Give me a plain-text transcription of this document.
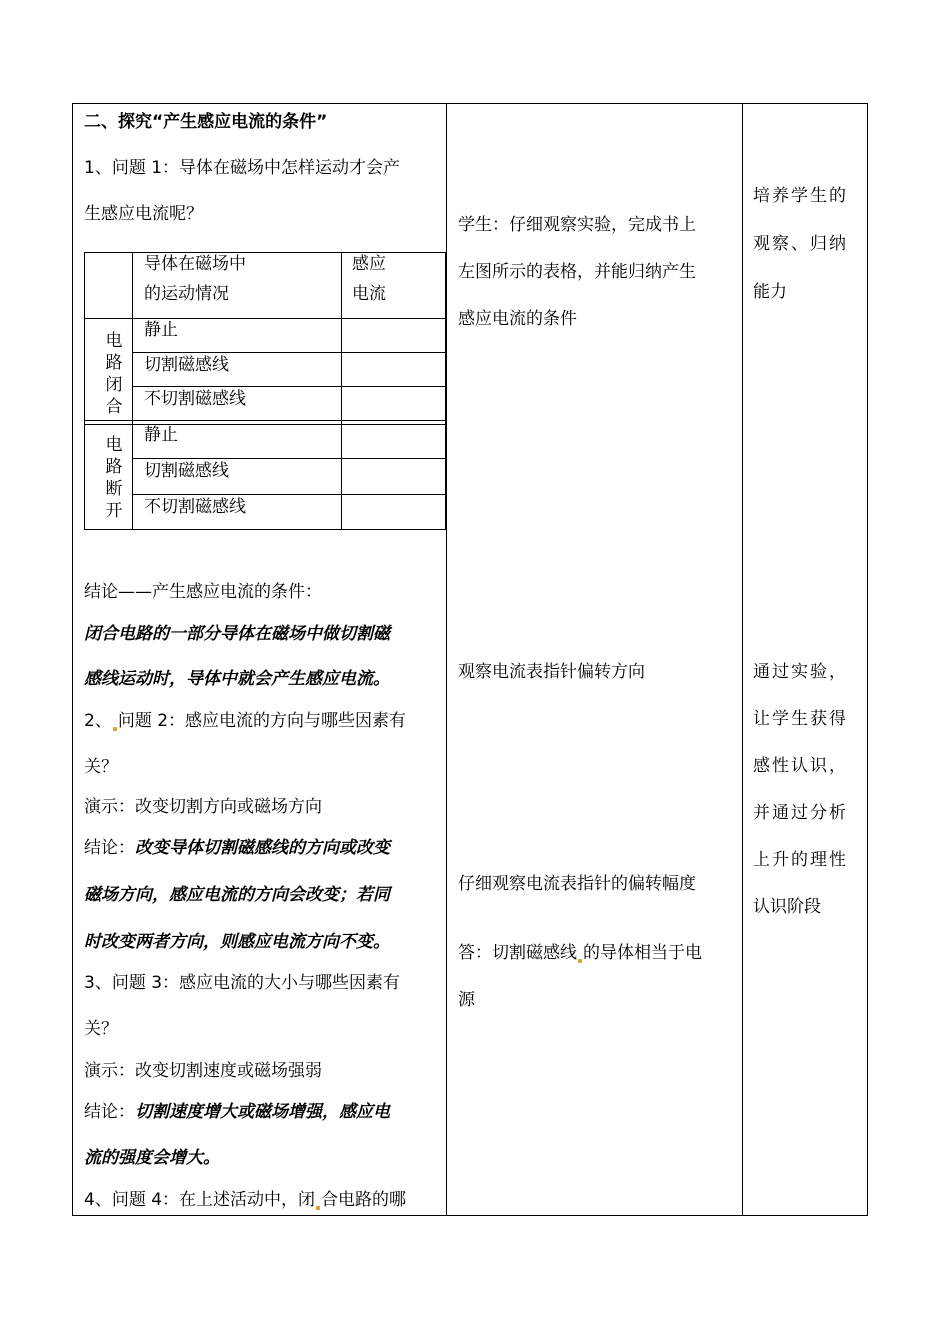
二、探究“产生感应电流的条件”
1、问题 1：导体在磁场中怎样运动才会产
生感应电流呢？
导体在磁场中
的运动情况
感应
电流
电路闭合
电路断开
静止
切割磁感线
不切割磁感线
静止
切割磁感线
不切割磁感线
结论——产生感应电流的条件：
闭合电路的一部分导体在磁场中做切割磁
感线运动时，导体中就会产生感应电流。
2、 问题 2：感应电流的方向与哪些因素有
关？
演示：改变切割方向或磁场方向
结论：改变导体切割磁感线的方向或改变
磁场方向，感应电流的方向会改变；若同
时改变两者方向，则感应电流方向不变。
3、问题 3：感应电流的大小与哪些因素有
关？
演示：改变切割速度或磁场强弱
结论：切割速度增大或磁场增强，感应电
流的强度会增大。
4、问题 4：在上述活动中，闭 合电路的哪
学生：仔细观察实验，完成书上
左图所示的表格，并能归纳产生
感应电流的条件
观察电流表指针偏转方向
仔细观察电流表指针的偏转幅度
答：切割磁感线 的导体相当于电
源
培养学生的
观察、归纳
能力
通过实验，
让学生获得
感性认识，
并通过分析
上升的理性
认识阶段
